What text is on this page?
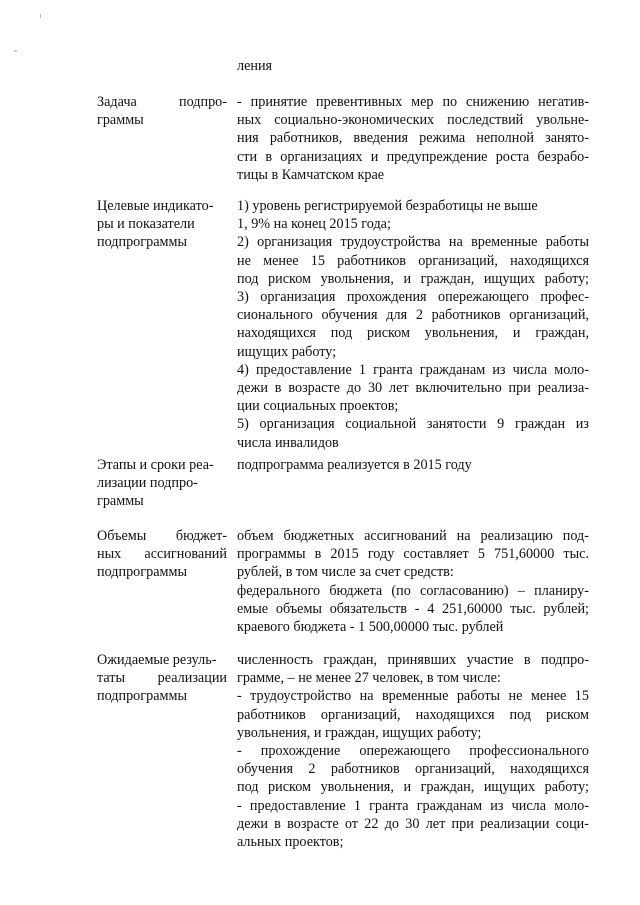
ления
Задача подпро-
граммы
- принятие превентивных мер по снижению негатив-
ных социально-экономических последствий увольне-
ния работников, введения режима неполной занято-
сти в организациях и предупреждение роста безрабо-
тицы в Камчатском крае
Целевые индикато-
ры и показатели
подпрограммы
1) уровень регистрируемой безработицы не выше
1, 9% на конец 2015 года;
2) организация трудоустройства на временные работы
не менее 15 работников организаций, находящихся
под риском увольнения, и граждан, ищущих работу;
3) организация прохождения опережающего профес-
сионального обучения для 2 работников организаций,
находящихся под риском увольнения, и граждан,
ищущих работу;
4) предоставление 1 гранта гражданам из числа моло-
дежи в возрасте до 30 лет включительно при реализа-
ции социальных проектов;
5) организация социальной занятости 9 граждан из
числа инвалидов
Этапы и сроки реа-
лизации подпро-
граммы
подпрограмма реализуется в 2015 году
Объемы бюджет-
ных ассигнований
подпрограммы
объем бюджетных ассигнований на реализацию под-
программы в 2015 году составляет 5 751,60000 тыс.
рублей, в том числе за счет средств:
федерального бюджета (по согласованию) – планиру-
емые объемы обязательств - 4 251,60000 тыс. рублей;
краевого бюджета - 1 500,00000 тыс. рублей
Ожидаемые резуль-
таты реализации
подпрограммы
численность граждан, принявших участие в подпро-
грамме, – не менее 27 человек, в том числе:
- трудоустройство на временные работы не менее 15
работников организаций, находящихся под риском
увольнения, и граждан, ищущих работу;
- прохождение опережающего профессионального
обучения 2 работников организаций, находящихся
под риском увольнения, и граждан, ищущих работу;
- предоставление 1 гранта гражданам из числа моло-
дежи в возрасте от 22 до 30 лет при реализации соци-
альных проектов;
